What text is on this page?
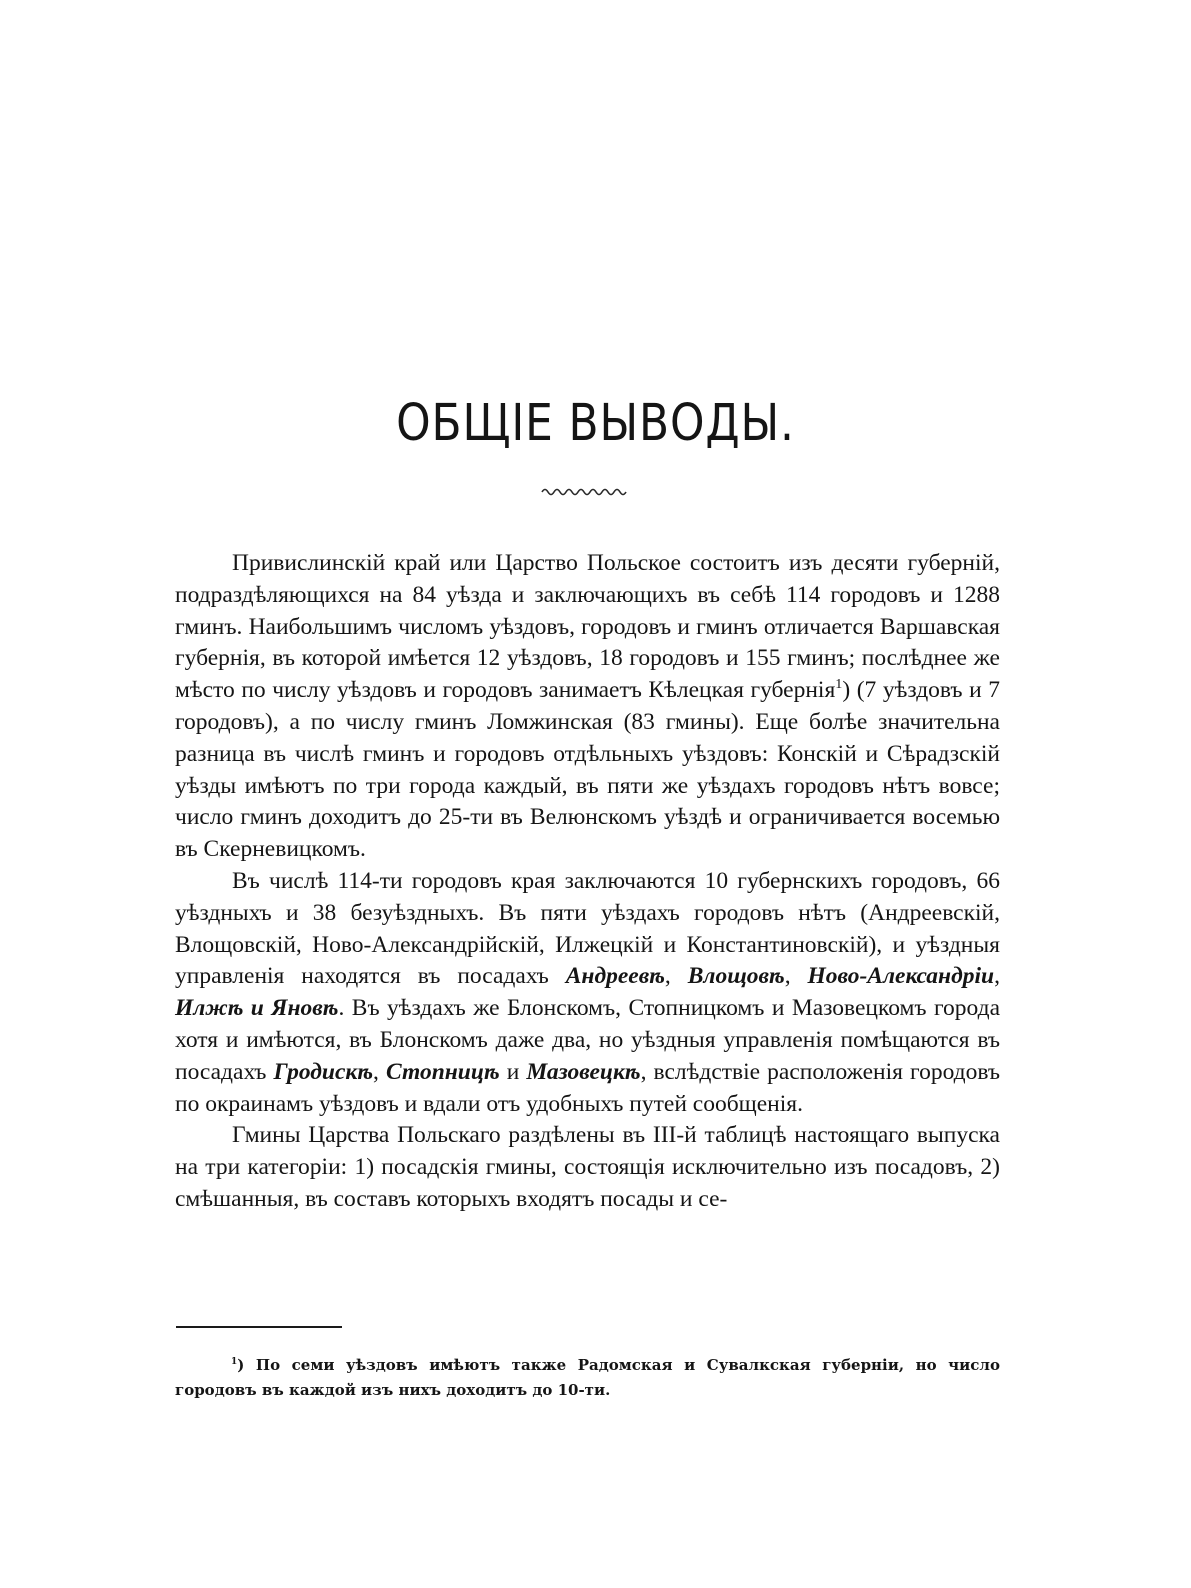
ОБЩІЕ ВЫВОДЫ.

Привислинскій край или Царство Польское состоитъ изъ десяти губерній, подраздѣляющихся на 84 уѣзда и заключающихъ въ себѣ 114 городовъ и 1288 гминъ. Наибольшимъ числомъ уѣздовъ, городовъ и гминъ отличается Варшавская губернія, въ которой имѣется 12 уѣздовъ, 18 городовъ и 155 гминъ; послѣднее же мѣсто по числу уѣздовъ и городовъ занимаетъ Кѣлецкая губернія$^1$) (7 уѣздовъ и 7 городовъ), а по числу гминъ Ломжинская (83 гмины). Еще болѣе значительна разница въ числѣ гминъ и городовъ отдѣльныхъ уѣздовъ: Конскій и Сѣрадзскій уѣзды имѣютъ по три города каждый, въ пяти же уѣздахъ городовъ нѣтъ вовсе; число гминъ доходитъ до 25-ти въ Велюнскомъ уѣздѣ и ограничивается восемью въ Скерневицкомъ.

Въ числѣ 114-ти городовъ края заключаются 10 губернскихъ городовъ, 66 уѣздныхъ и 38 безуѣздныхъ. Въ пяти уѣздахъ городовъ нѣтъ (Андреевскій, Влощовскій, Ново-Александрійскій, Илжецкій и Константиновскій), и уѣздныя управленія находятся въ посадахъ Андреевѣ, Влощовѣ, Ново-Александріи, Илжѣ и Яновѣ. Въ уѣздахъ же Блонскомъ, Стопницкомъ и Мазовецкомъ города хотя и имѣются, въ Блонскомъ даже два, но уѣздныя управленія помѣщаются въ посадахъ Гродискѣ, Стопницѣ и Мазовецкѣ, вслѣдствіе расположенія городовъ по окраинамъ уѣздовъ и вдали отъ удобныхъ путей сообщенія.

Гмины Царства Польскаго раздѣлены въ ІІІ-й таблицѣ настоящаго выпуска на три категоріи: 1) посадскія гмины, состоящія исключительно изъ посадовъ, 2) смѣшанныя, въ составъ которыхъ входятъ посады и се-

$^1$) По семи уѣздовъ имѣютъ также Радомская и Сувалкская губерніи, но число городовъ въ каждой изъ нихъ доходитъ до 10-ти.
